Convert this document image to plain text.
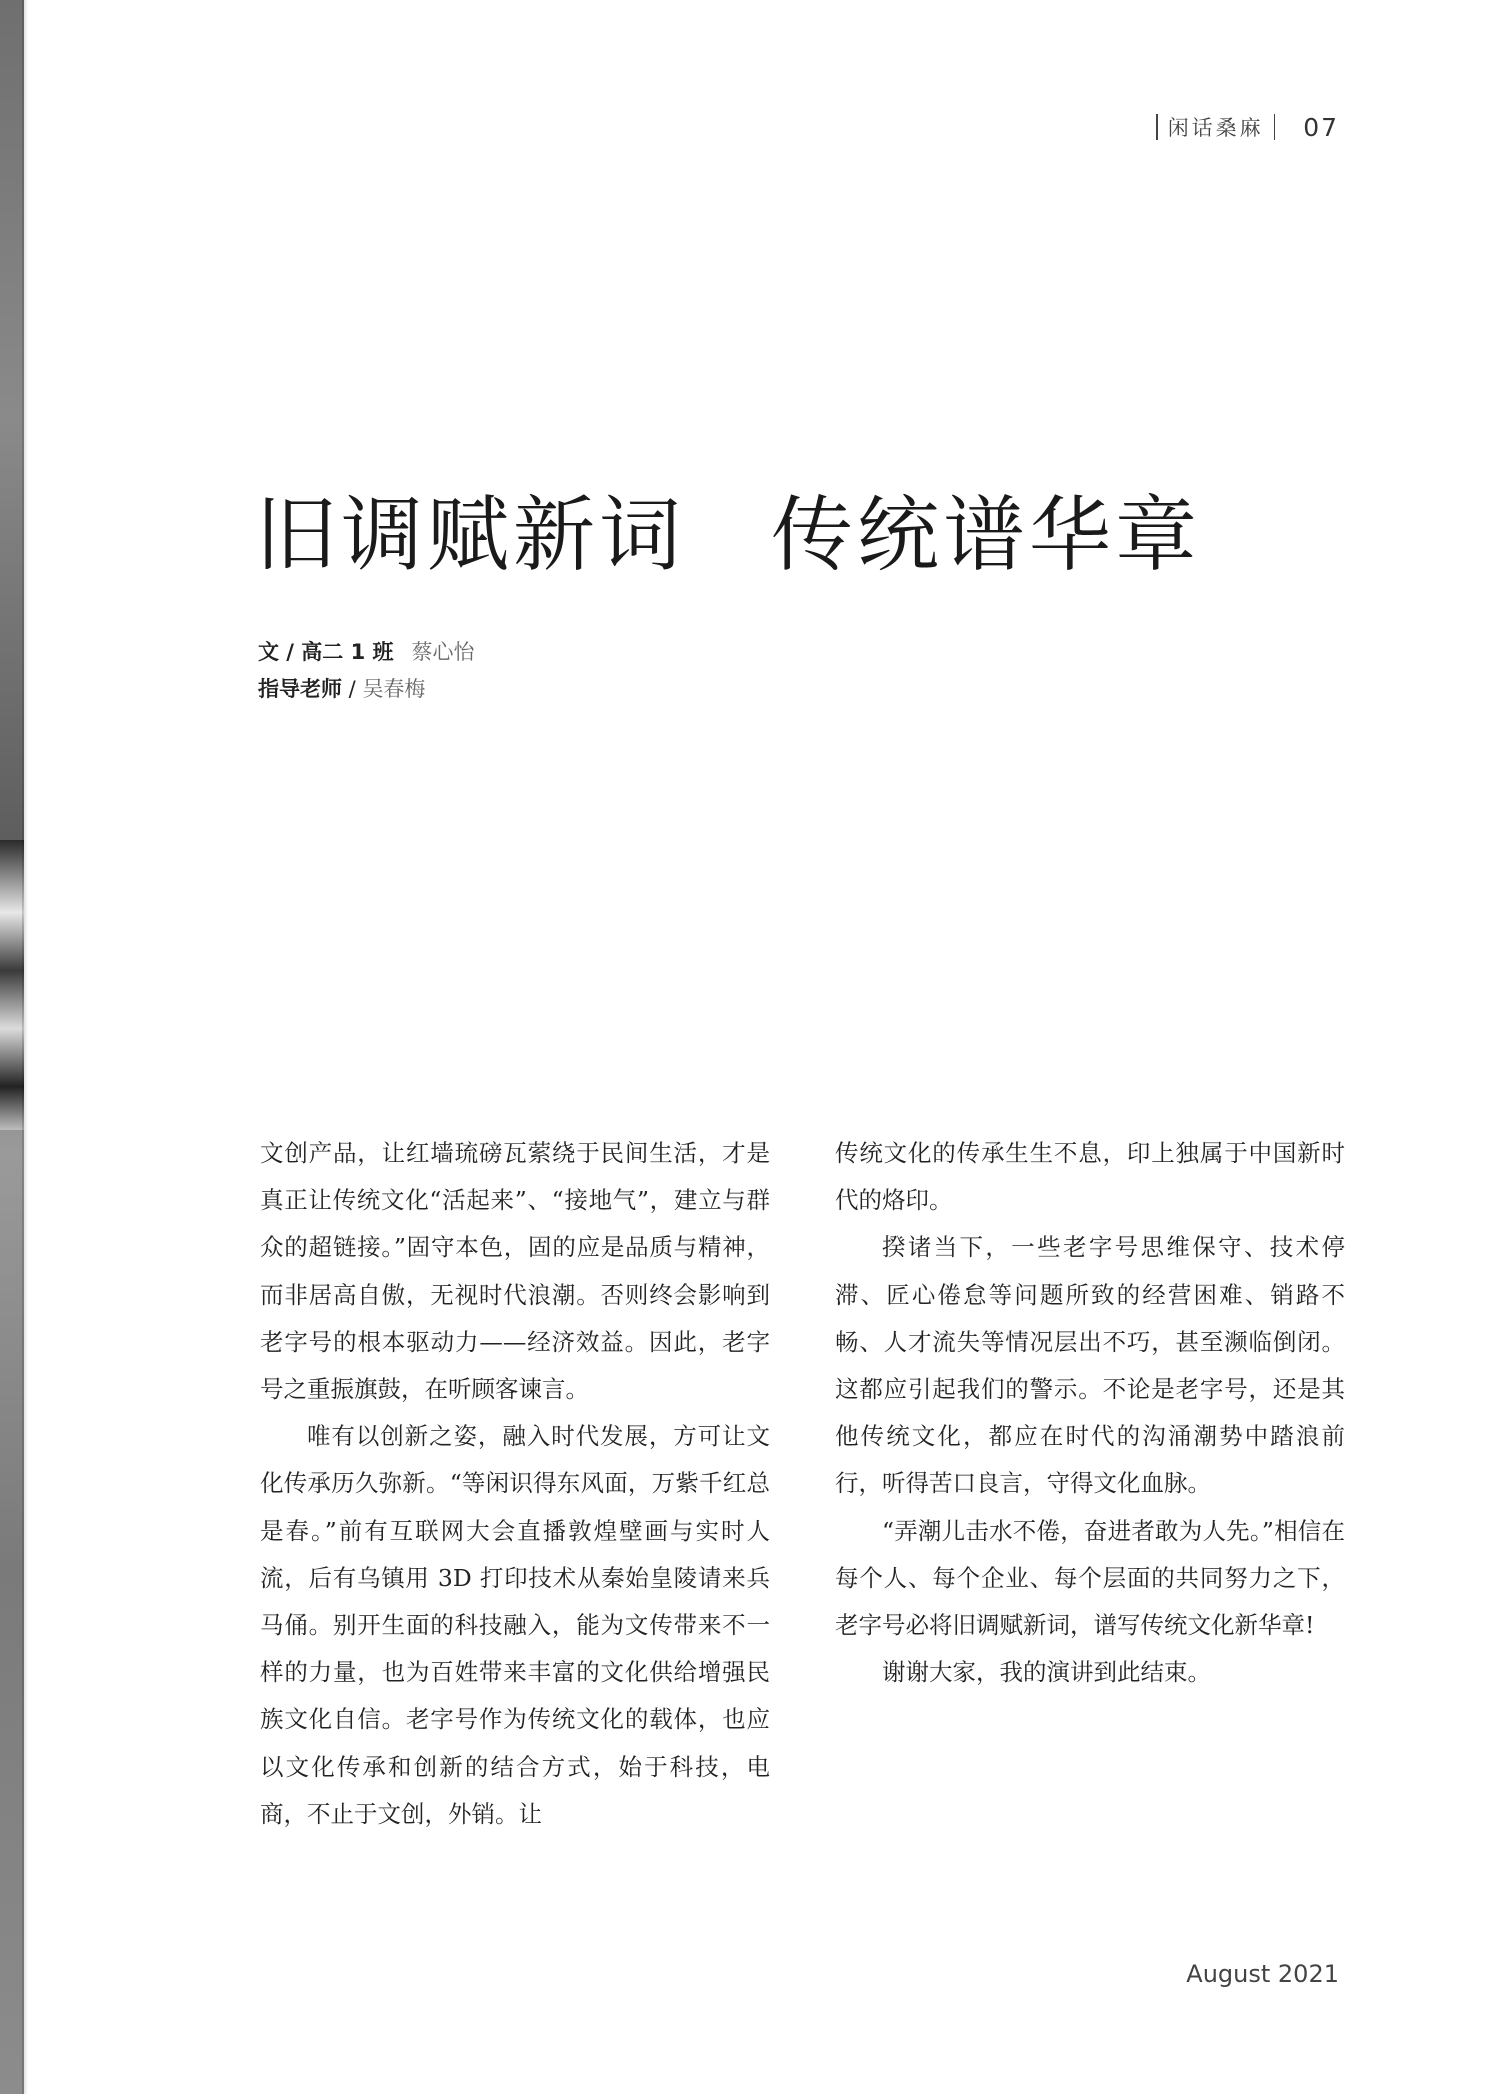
闲话桑麻 07
旧调赋新词　传统谱华章
文 / 高二 1 班 蔡心怡
指导老师 / 吴春梅

文创产品，让红墙琉磅瓦萦绕于民间生活，才是真正让传统文化“活起来”、“接地气”，建立与群众的超链接。”固守本色，固的应是品质与精神，而非居高自傲，无视时代浪潮。否则终会影响到老字号的根本驱动力——经济效益。因此，老字号之重振旗鼓，在听顾客谏言。

唯有以创新之姿，融入时代发展，方可让文化传承历久弥新。“等闲识得东风面，万紫千红总是春。”前有互联网大会直播敦煌壁画与实时人流，后有乌镇用 3D 打印技术从秦始皇陵请来兵马俑。别开生面的科技融入，能为文传带来不一样的力量，也为百姓带来丰富的文化供给增强民族文化自信。老字号作为传统文化的载体，也应以文化传承和创新的结合方式，始于科技，电商，不止于文创，外销。让

传统文化的传承生生不息，印上独属于中国新时代的烙印。

揆诸当下，一些老字号思维保守、技术停滞、匠心倦怠等问题所致的经营困难、销路不畅、人才流失等情况层出不巧，甚至濒临倒闭。这都应引起我们的警示。不论是老字号，还是其他传统文化，都应在时代的沟涌潮势中踏浪前行，听得苦口良言，守得文化血脉。

“弄潮儿击水不倦，奋进者敢为人先。”相信在每个人、每个企业、每个层面的共同努力之下，老字号必将旧调赋新词，谱写传统文化新华章!

谢谢大家，我的演讲到此结束。

August 2021
